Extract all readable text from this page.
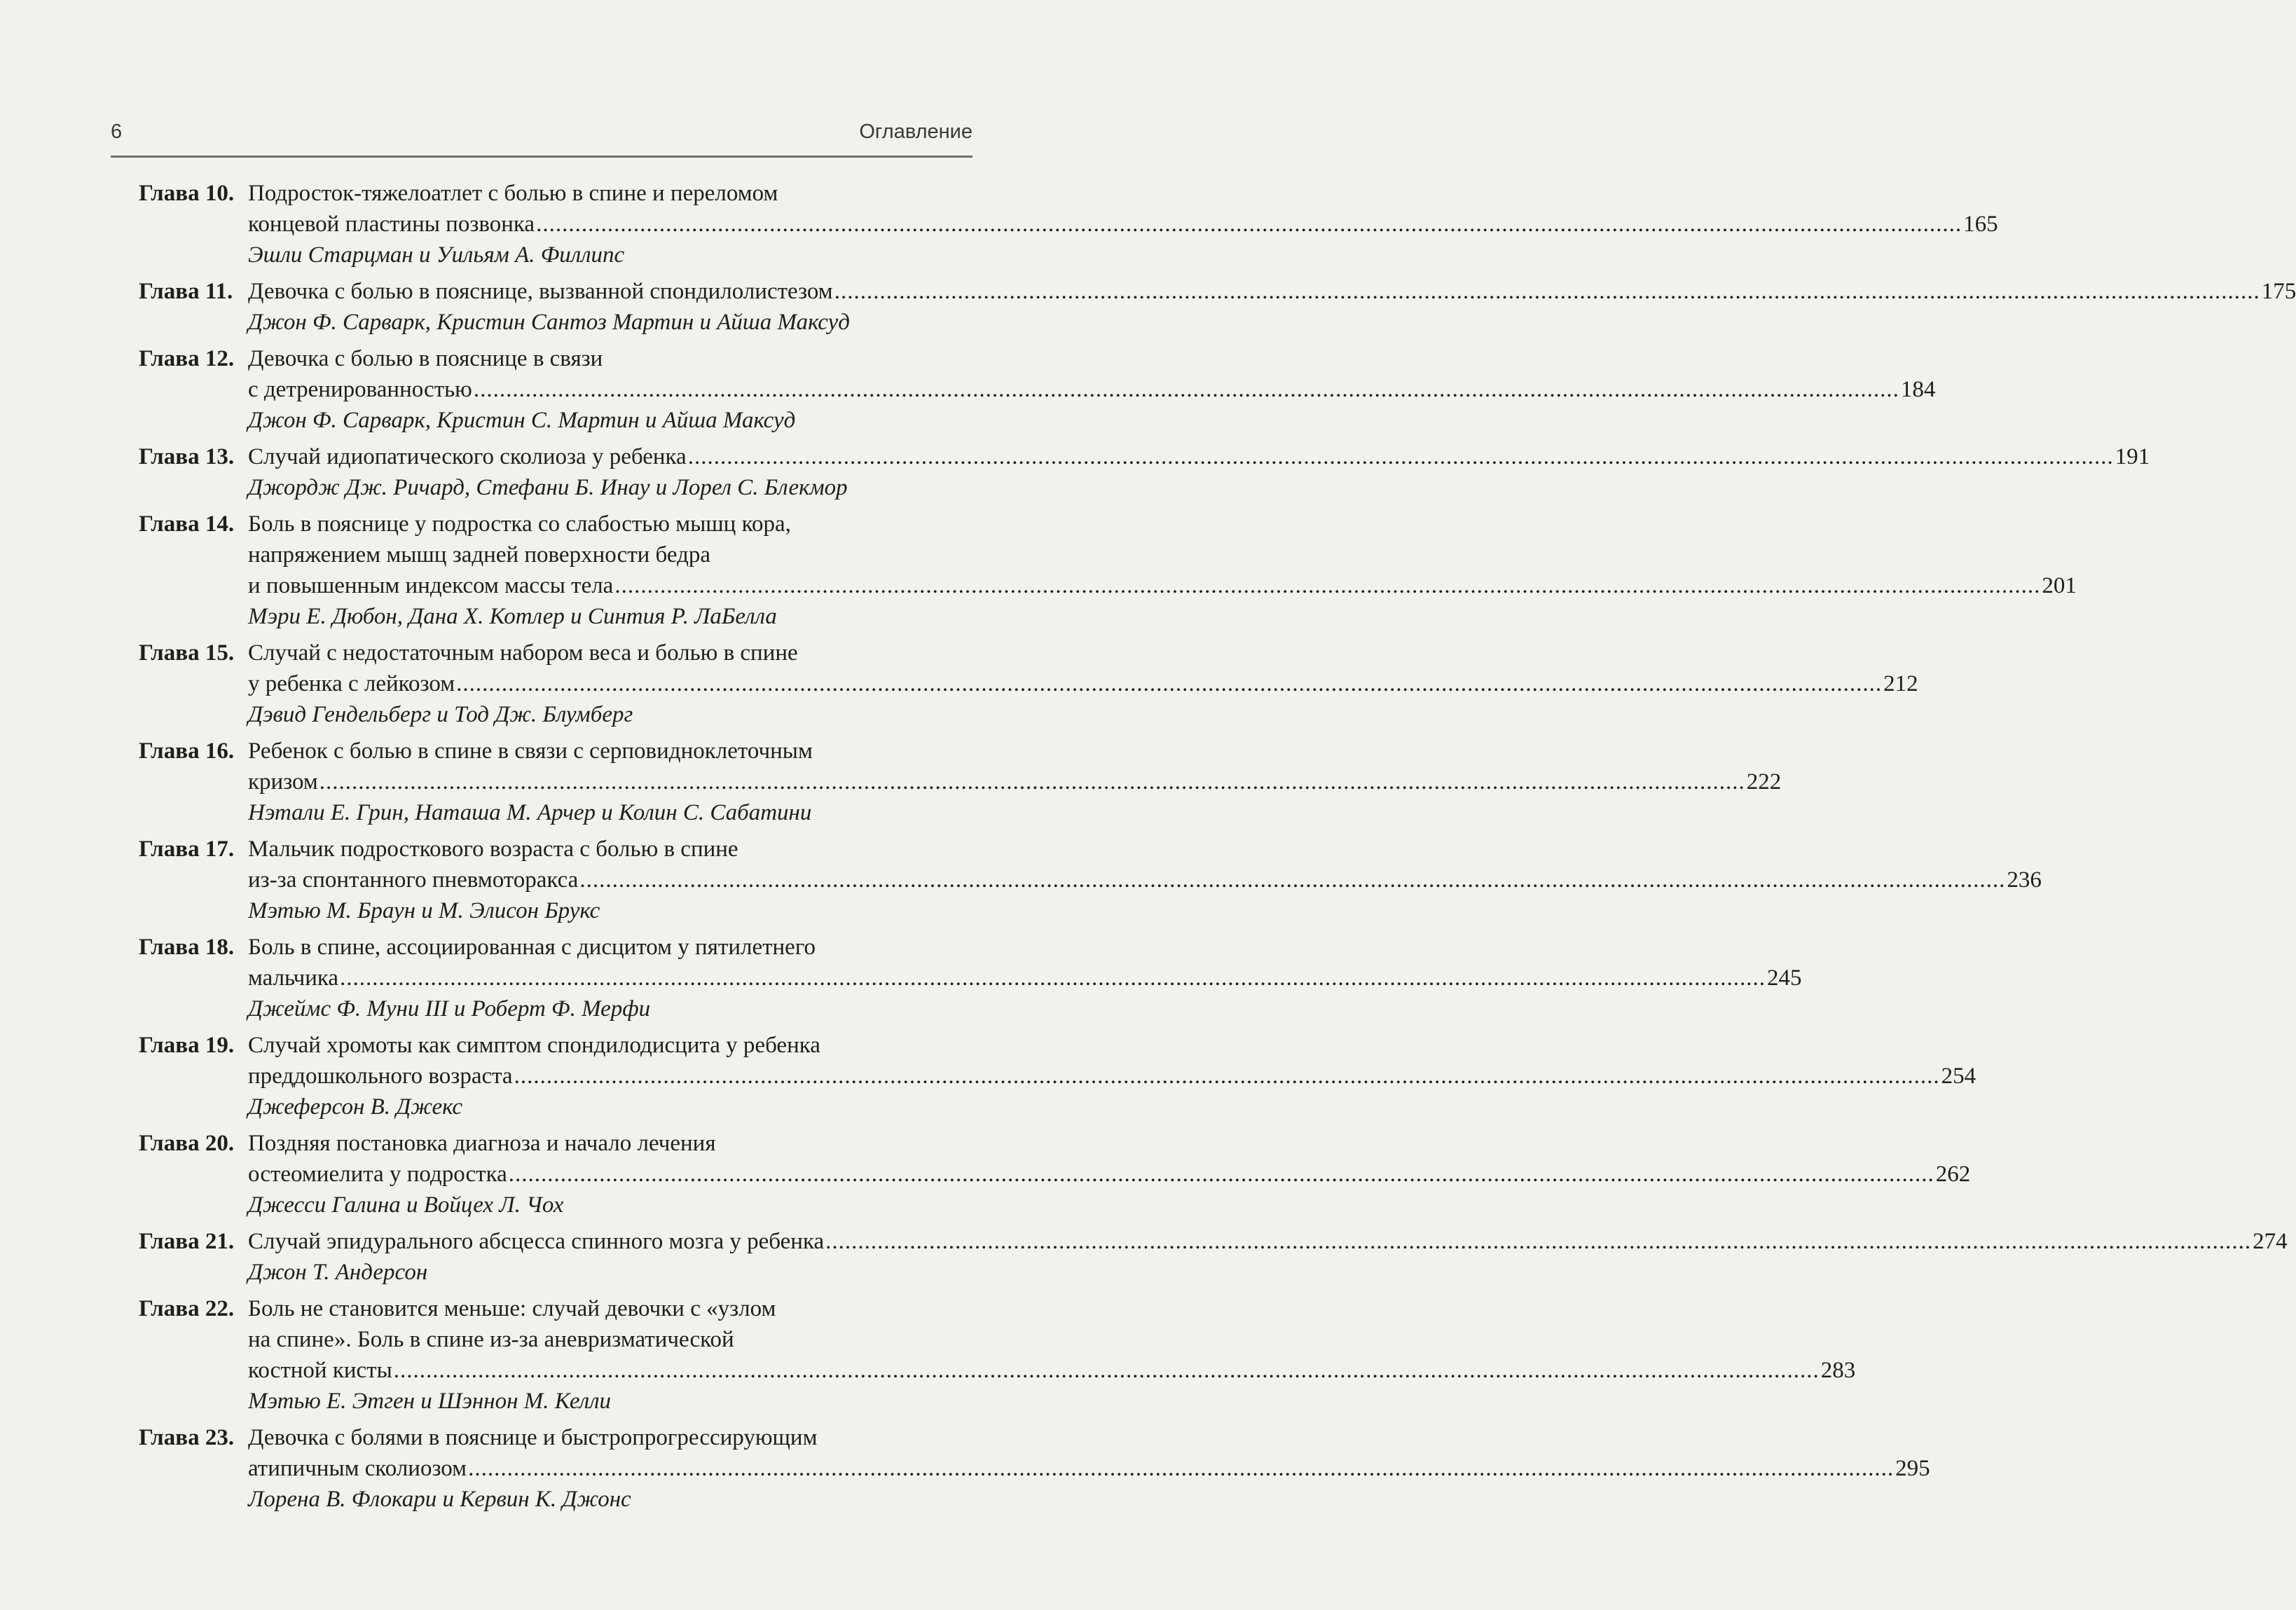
6	Оглавление
Глава 10. Подросток-тяжелоатлет с болью в спине и переломом
концевой пластины позвонка ............................................................................................................................................................................................................................ 165
Эшли Старцман и Уильям А. Филлипс
Глава 11. Девочка с болью в пояснице, вызванной спондилолистезом ............................................................................................................................................................................................................................ 175
Джон Ф. Сарварк, Кристин Сантоз Мартин и Айша Максуд
Глава 12. Девочка с болью в пояснице в связи
с детренированностью ............................................................................................................................................................................................................................ 184
Джон Ф. Сарварк, Кристин С. Мартин и Айша Максуд
Глава 13. Случай идиопатического сколиоза у ребенка ............................................................................................................................................................................................................................ 191
Джордж Дж. Ричард, Стефани Б. Инау и Лорел С. Блекмор
Глава 14. Боль в пояснице у подростка со слабостью мышц кора,
напряжением мышц задней поверхности бедра
и повышенным индексом массы тела ............................................................................................................................................................................................................................ 201
Мэри Е. Дюбон, Дана Х. Котлер и Синтия Р. ЛаБелла
Глава 15. Случай с недостаточным набором веса и болью в спине
у ребенка с лейкозом ............................................................................................................................................................................................................................ 212
Дэвид Гендельберг и Тод Дж. Блумберг
Глава 16. Ребенок с болью в спине в связи с серповидноклеточным
кризом ............................................................................................................................................................................................................................ 222
Нэтали Е. Грин, Наташа М. Арчер и Колин С. Сабатини
Глава 17. Мальчик подросткового возраста с болью в спине
из-за спонтанного пневмоторакса ............................................................................................................................................................................................................................ 236
Мэтью М. Браун и М. Элисон Брукс
Глава 18. Боль в спине, ассоциированная с дисцитом у пятилетнего
мальчика ............................................................................................................................................................................................................................ 245
Джеймс Ф. Муни III и Роберт Ф. Мерфи
Глава 19. Случай хромоты как симптом спондилодисцита у ребенка
преддошкольного возраста ............................................................................................................................................................................................................................ 254
Джеферсон В. Джекс
Глава 20. Поздняя постановка диагноза и начало лечения
остеомиелита у подростка ............................................................................................................................................................................................................................ 262
Джесси Галина и Войцех Л. Чох
Глава 21. Случай эпидурального абсцесса спинного мозга у ребенка ............................................................................................................................................................................................................................ 274
Джон Т. Андерсон
Глава 22. Боль не становится меньше: случай девочки с «узлом
на спине». Боль в спине из-за аневризматической
костной кисты ............................................................................................................................................................................................................................ 283
Мэтью Е. Этген и Шэннон М. Келли
Глава 23. Девочка с болями в пояснице и быстропрогрессирующим
атипичным сколиозом ............................................................................................................................................................................................................................ 295
Лорена В. Флокари и Кервин К. Джонс
